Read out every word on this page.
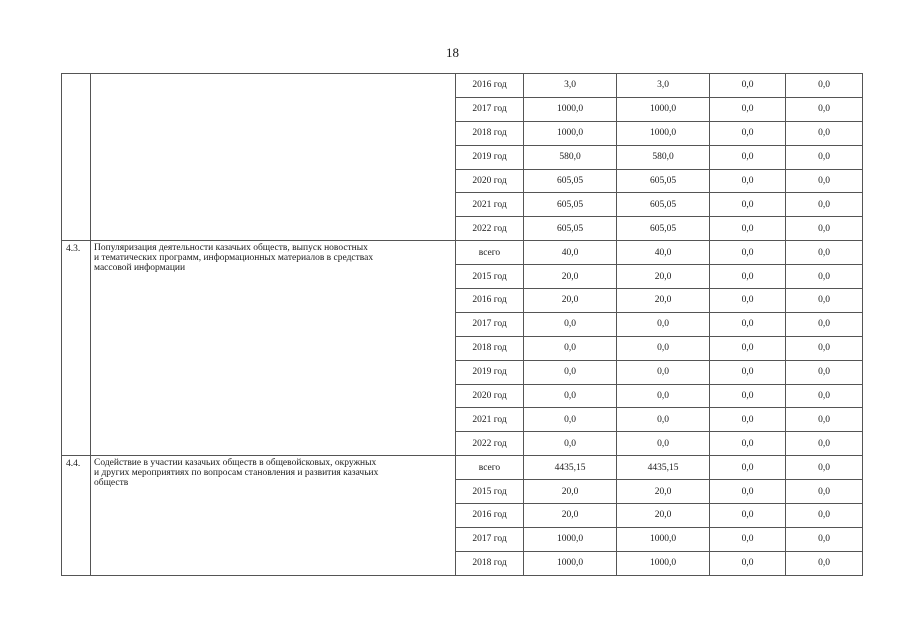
18
		2016 год	3,0	3,0	0,0	0,0
		2017 год	1000,0	1000,0	0,0	0,0
		2018 год	1000,0	1000,0	0,0	0,0
		2019 год	580,0	580,0	0,0	0,0
		2020 год	605,05	605,05	0,0	0,0
		2021 год	605,05	605,05	0,0	0,0
		2022 год	605,05	605,05	0,0	0,0
4.3.	Популяризация деятельности казачьих обществ, выпуск новостных
и тематических программ, информационных материалов в средствах
массовой информации	всего	40,0	40,0	0,0	0,0
		2015 год	20,0	20,0	0,0	0,0
		2016 год	20,0	20,0	0,0	0,0
		2017 год	0,0	0,0	0,0	0,0
		2018 год	0,0	0,0	0,0	0,0
		2019 год	0,0	0,0	0,0	0,0
		2020 год	0,0	0,0	0,0	0,0
		2021 год	0,0	0,0	0,0	0,0
		2022 год	0,0	0,0	0,0	0,0
4.4.	Содействие в участии казачьих обществ в общевойсковых, окружных
и других мероприятиях по вопросам становления и развития казачьих
обществ	всего	4435,15	4435,15	0,0	0,0
		2015 год	20,0	20,0	0,0	0,0
		2016 год	20,0	20,0	0,0	0,0
		2017 год	1000,0	1000,0	0,0	0,0
		2018 год	1000,0	1000,0	0,0	0,0
